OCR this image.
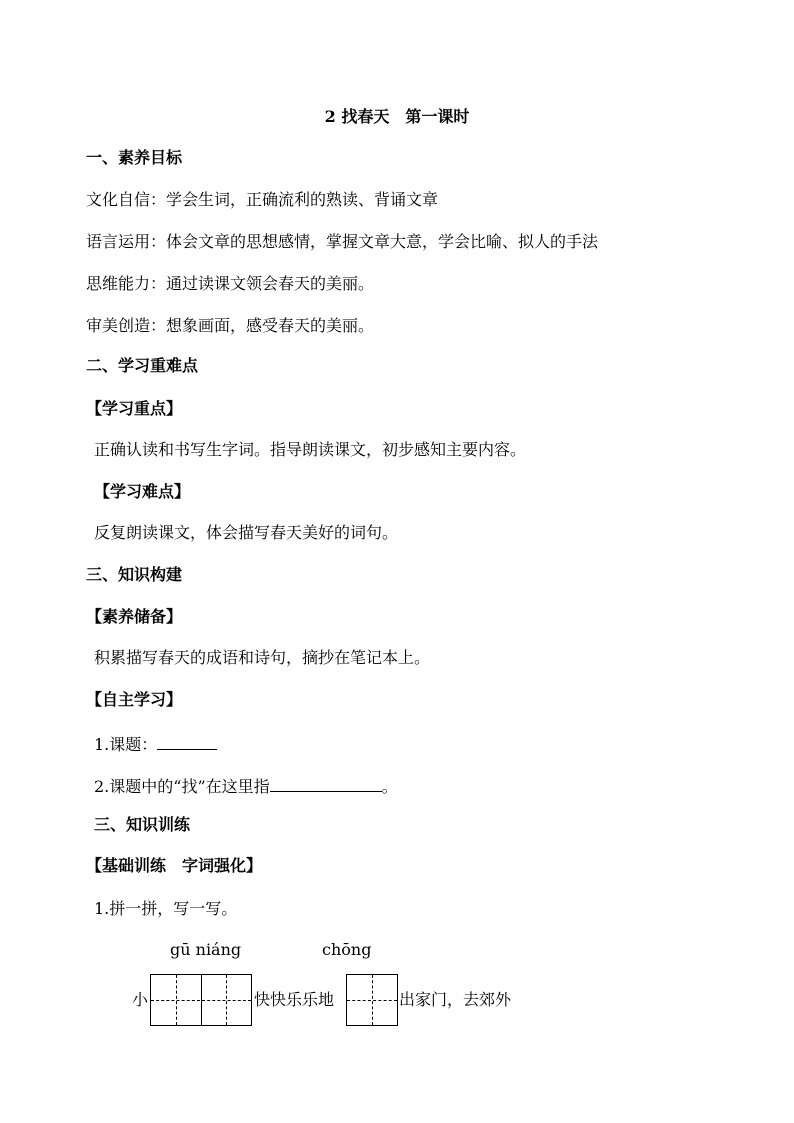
2 找春天　第一课时
一、素养目标
文化自信：学会生词，正确流利的熟读、背诵文章
语言运用：体会文章的思想感情，掌握文章大意，学会比喻、拟人的手法
思维能力：通过读课文领会春天的美丽。
审美创造：想象画面，感受春天的美丽。
二、学习重难点
【学习重点】
正确认读和书写生字词。指导朗读课文，初步感知主要内容。
【学习难点】
反复朗读课文，体会描写春天美好的词句。
三、知识构建
【素养储备】
积累描写春天的成语和诗句，摘抄在笔记本上。
【自主学习】
1.课题：
2.课题中的“找”在这里指	。
三、知识训练
【基础训练　字词强化】
1.拼一拼，写一写。
gū niáng	chōng
小	快快乐乐地	出家门，去郊外
